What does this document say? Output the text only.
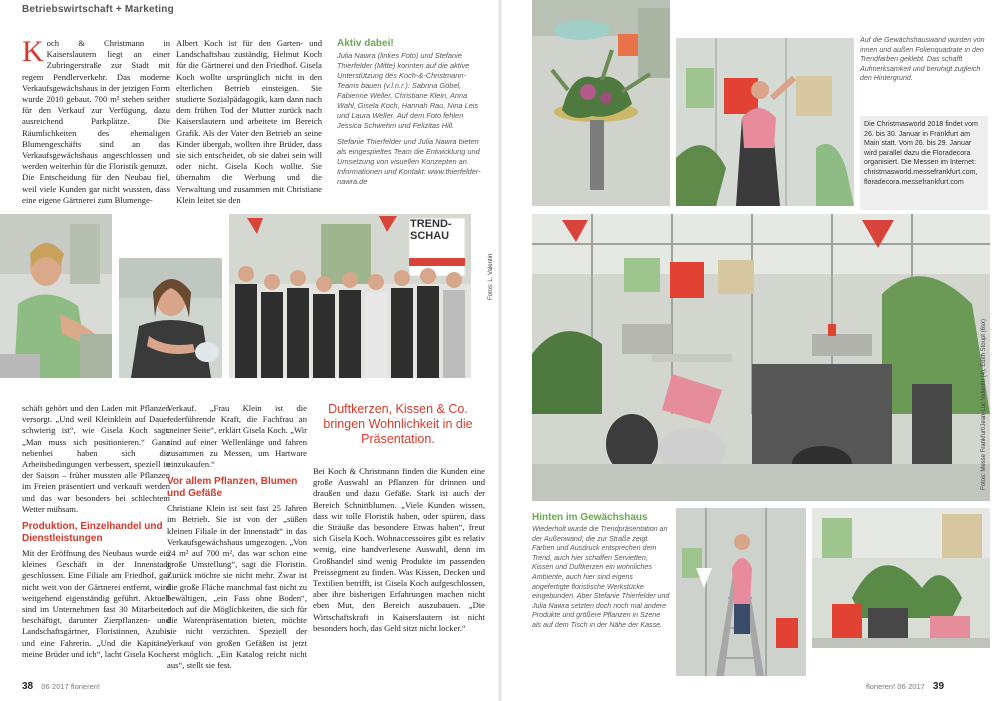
Betriebswirtschaft + Marketing

Koch & Christmann in Kaiserslautern liegt an einer Zubringerstraße zur Stadt mit regem Pendlerverkehr. Das moderne Verkaufsgewächshaus in der jetzigen Form wurde 2010 gebaut. 700 m² stehen seither für den Verkauf zur Verfügung, dazu ausreichend Parkplätze. Die Räumlichkeiten des ehemaligen Blumengeschäfts sind an das Verkaufsgewächshaus angeschlossen und werden weiterhin für die Floristik genutzt.

Die Entscheidung für den Neubau fiel, weil viele Kunden gar nicht wussten, dass eine eigene Gärtnerei zum Blumenge-

Albert Koch ist für den Garten- und Landschaftsbau zuständig, Helmut Koch für die Gärtnerei und den Friedhof. Gisela Koch wollte ursprünglich nicht in den elterlichen Betrieb einsteigen. Sie studierte Sozialpädagogik, kam dann nach dem frühen Tod der Mutter zurück nach Kaiserslautern und arbeitete im Bereich Grafik. Als der Vater den Betrieb an seine Kinder übergab, wollten ihre Brüder, dass sie sich entscheidet, ob sie dabei sein will oder nicht. Gisela Koch wollte. Sie übernahm die Werbung und die Verwaltung und zusammen mit Christiane Klein leitet sie den

Aktiv dabei!

Julia Nawra (linkes Foto) und Stefanie Thierfelder (Mitte) konnten auf die aktive Unterstützung des Koch-&-Christmann-Teams bauen (v.l.n.r.): Sabrina Göbel, Fabienne Weller, Christiane Klein, Anna Wahl, Gisela Koch, Hannah Rau, Nina Leis und Laura Weller. Auf dem Foto fehlen Jessica Schwehm und Felizitas Hill.

Stefanie Thierfelder und Julia Nawra bieten als eingespieltes Team die Entwicklung und Umsetzung von visuellen Konzepten an. Informationen und Kontakt: www.thierfelder-nawra.de

TREND-
SCHAU
Fotos: L. Valentin

schäft gehört und den Laden mit Pflanzen versorgt. „Und weil Kleinklein auf Dauer schwierig ist“, wie Gisela Koch sagt. „Man muss sich positionieren.“ Ganz nebenbei haben sich die Arbeitsbedingungen verbessert, speziell in der Saison – früher mussten alle Pflanzen im Freien präsentiert und verkauft werden und das war besonders bei schlechtem Wetter mühsam.

Produktion, Einzelhandel und Dienstleistungen

Mit der Eröffnung des Neubaus wurde ein kleines Geschäft in der Innenstadt geschlossen. Eine Filiale am Friedhof, gar nicht weit von der Gärtnerei entfernt, wird weitgehend eigenständig geführt. Aktuell sind im Unternehmen fast 30 Mitarbeiter beschäftigt, darunter Zierpflanzen- und Landschaftsgärtner, Floristinnen, Azubis und eine Fahrerin. „Und die Kapitäne, meine Brüder und ich“, lacht Gisela Koch.

Verkauf. „Frau Klein ist die federführende Kraft, die Fachfrau an meiner Seite“, erklärt Gisela Koch. „Wir sind auf einer Wellenlänge und fahren zusammen zu Messen, um Hartware einzukaufen.“

Vor allem Pflanzen, Blumen und Gefäße

Christiane Klein ist seit fast 25 Jahren im Betrieb. Sie ist von der „süßen kleinen Filiale in der Innenstadt“ in das Verkaufsgewächshaus umgezogen. „Von 24 m² auf 700 m², das war schon eine große Umstellung“, sagt die Floristin. Zurück möchte sie nicht mehr. Zwar ist die große Fläche manchmal fast nicht zu bewältigen, „ein Fass ohne Boden“, doch auf die Möglichkeiten, die sich für die Warenpräsentation bieten, möchte sie nicht verzichten. Speziell der Verkauf von großen Gefäßen ist jetzt erst möglich. „Ein Katalog reicht nicht aus“, stellt sie fest.

Duftkerzen, Kissen & Co. bringen Wohnlichkeit in die Präsentation.

Bei Koch & Christmann finden die Kunden eine große Auswahl an Pflanzen für drinnen und draußen und dazu Gefäße. Stark ist auch der Bereich Schnittblumen. „Viele Kunden wissen, dass wir tolle Floristik haben, oder spüren, dass die Sträuße das besondere Etwas haben“, freut sich Gisela Koch. Wohnaccessoires gibt es relativ wenig, eine handverlesene Auswahl, denn im Großhandel sind wenig Produkte im passenden Preissegment zu finden. Was Kissen, Decken und Textilien betrifft, ist Gisela Koch aufgeschlossen, aber ihre bisherigen Erfahrungen machen nicht eben Mut, den Bereich auszubauen. „Die Wirtschaftskraft in Kaiserslautern ist nicht besonders hoch, das Geld sitzt nicht locker.“

38 06·2017 florieren!
Auf die Gewächshauswand wurden von innen und außen Folienquadrate in den Trendfarben geklebt. Das schafft Aufmerksamkeit und beruhigt zugleich den Hintergrund.
Die Christmasworld 2018 findet vom 26. bis 30. Januar in Frankfurt am Main statt. Vom 26. bis 29. Januar wird parallel dazu die Floradecora organisiert. Die Messen im Internet: christmasworld.messefrankfurt.com, floradecora.messefrankfurt.com
Fotos: Messe Frankfurt/Jean-Luc Valentin (4), Edith Stoupt (6sx)
Hinten im Gewächshaus

Wiederholt wurde die Trendpräsentation an der Außenwand, die zur Straße zeigt. Farben und Ausdruck entsprechen dem Trend, auch hier schaffen Servietten, Kissen und Duftkerzen ein wohnliches Ambiente, auch hier sind eigens angefertigte floristische Werkstücke eingebunden. Aber Stefanie Thierfelder und Julia Nawra setzten doch noch mal andere Produkte und größere Pflanzen in Szene als auf dem Tisch in der Nähe der Kasse.

florieren! 06·2017 39
